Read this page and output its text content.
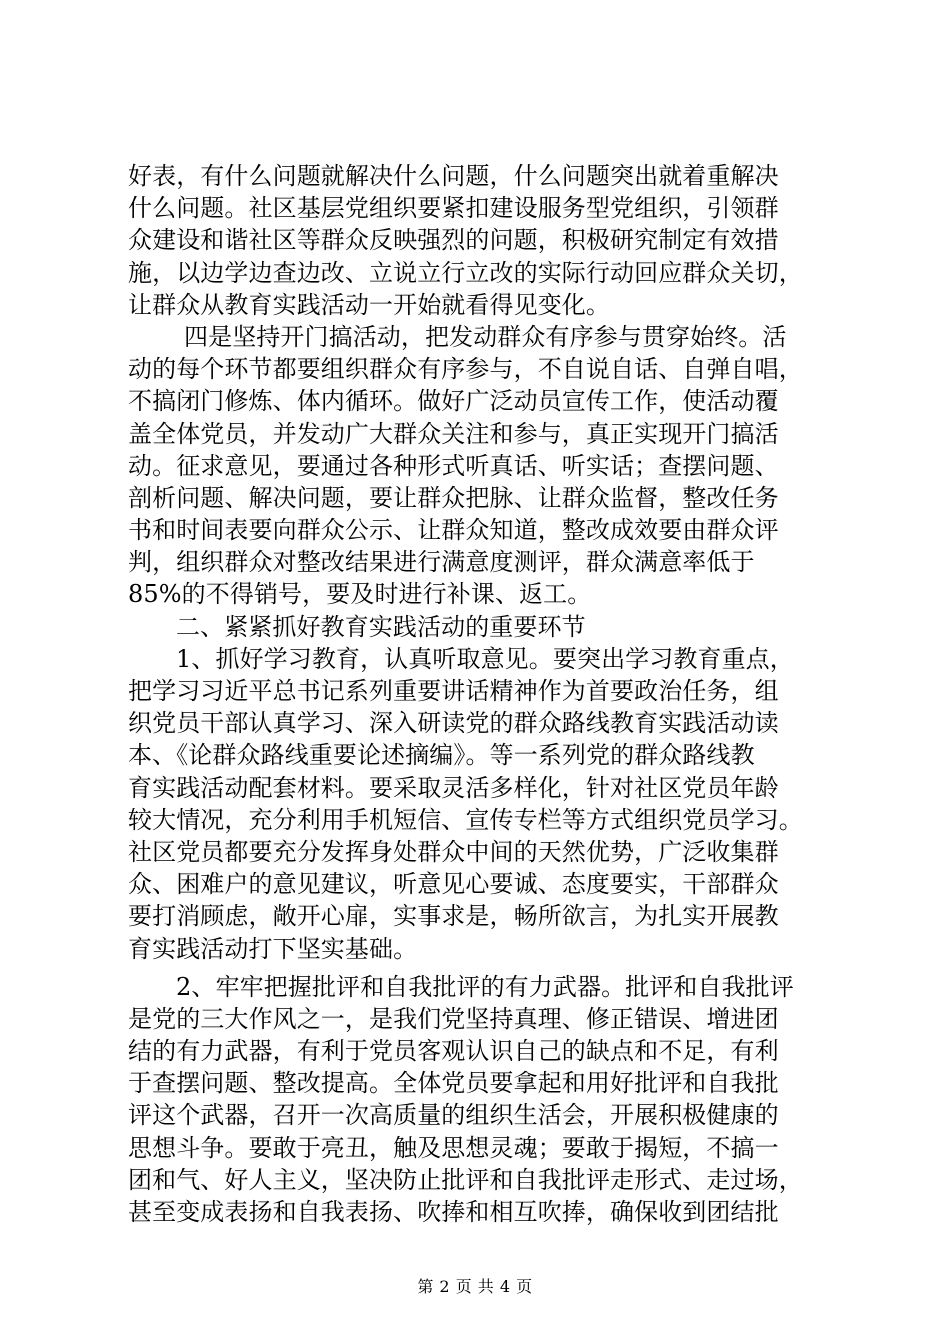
好表，有什么问题就解决什么问题，什么问题突出就着重解决
什么问题。社区基层党组织要紧扣建设服务型党组织，引领群
众建设和谐社区等群众反映强烈的问题，积极研究制定有效措
施，以边学边查边改、立说立行立改的实际行动回应群众关切，
让群众从教育实践活动一开始就看得见变化。
四是坚持开门搞活动，把发动群众有序参与贯穿始终。活
动的每个环节都要组织群众有序参与，不自说自话、自弹自唱，
不搞闭门修炼、体内循环。做好广泛动员宣传工作，使活动覆
盖全体党员，并发动广大群众关注和参与，真正实现开门搞活
动。征求意见，要通过各种形式听真话、听实话；查摆问题、
剖析问题、解决问题，要让群众把脉、让群众监督，整改任务
书和时间表要向群众公示、让群众知道，整改成效要由群众评
判，组织群众对整改结果进行满意度测评，群众满意率低于
85%的不得销号，要及时进行补课、返工。
二、紧紧抓好教育实践活动的重要环节
1、抓好学习教育，认真听取意见。要突出学习教育重点，
把学习习近平总书记系列重要讲话精神作为首要政治任务，组
织党员干部认真学习、深入研读党的群众路线教育实践活动读
本、《论群众路线重要论述摘编》。等一系列党的群众路线教
育实践活动配套材料。要采取灵活多样化，针对社区党员年龄
较大情况，充分利用手机短信、宣传专栏等方式组织党员学习。
社区党员都要充分发挥身处群众中间的天然优势，广泛收集群
众、困难户的意见建议，听意见心要诚、态度要实，干部群众
要打消顾虑，敞开心扉，实事求是，畅所欲言，为扎实开展教
育实践活动打下坚实基础。
2、牢牢把握批评和自我批评的有力武器。批评和自我批评
是党的三大作风之一，是我们党坚持真理、修正错误、增进团
结的有力武器，有利于党员客观认识自己的缺点和不足，有利
于查摆问题、整改提高。全体党员要拿起和用好批评和自我批
评这个武器，召开一次高质量的组织生活会，开展积极健康的
思想斗争。要敢于亮丑，触及思想灵魂；要敢于揭短，不搞一
团和气、好人主义，坚决防止批评和自我批评走形式、走过场，
甚至变成表扬和自我表扬、吹捧和相互吹捧，确保收到团结批
第 2 页 共 4 页
